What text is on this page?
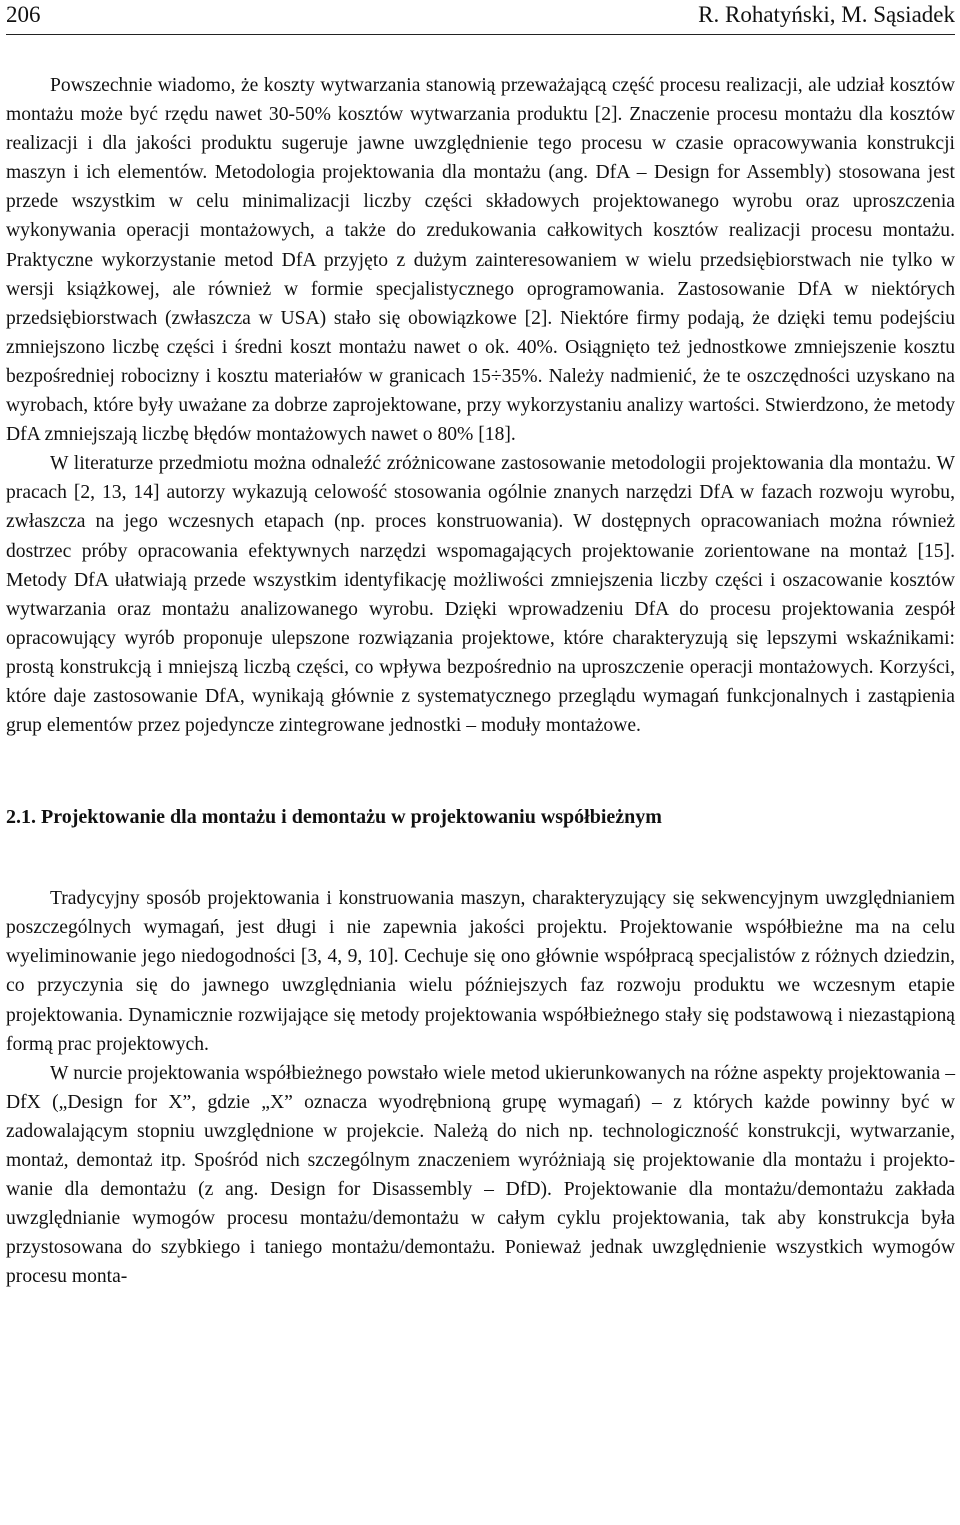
206	R. Rohatyński, M. Sąsiadek

Powszechnie wiadomo, że koszty wytwarzania stanowią przeważającą część procesu realizacji, ale udział kosztów montażu może być rzędu nawet 30-50% kosztów wytwarzania produktu [2]. Znaczenie procesu montażu dla kosztów realizacji i dla jakości produktu sugeruje jawne uwzględnienie tego procesu w czasie opracowywania konstrukcji maszyn i ich elementów. Metodologia projektowania dla montażu (ang. DfA – Design for Assembly) stosowana jest przede wszystkim w celu minimalizacji liczby części składowych projektowanego wyrobu oraz uproszczenia wykonywania operacji montażowych, a także do zredukowania całkowitych kosztów realizacji procesu montażu. Praktyczne wykorzystanie metod DfA przyjęto z dużym zainteresowaniem w wielu przedsiębiorstwach nie tylko w wersji książkowej, ale również w formie specjalistycznego oprogramowania. Zastosowanie DfA w niektórych przedsiębiorstwach (zwłaszcza w USA) stało się obowiązkowe [2]. Niektóre firmy podają, że dzięki temu podejściu zmniejszono liczbę części i średni koszt montażu nawet o ok. 40%. Osiągnięto też jednostkowe zmniejszenie kosztu bezpośredniej robocizny i kosztu materiałów w granicach 15÷35%. Należy nadmienić, że te oszczędności uzyskano na wyrobach, które były uważane za dobrze zaprojektowane, przy wykorzystaniu analizy wartości. Stwierdzono, że metody DfA zmniejszają liczbę błędów montażowych nawet o 80% [18].

W literaturze przedmiotu można odnaleźć zróżnicowane zastosowanie metodologii projektowania dla montażu. W pracach [2, 13, 14] autorzy wykazują celowość stosowania ogólnie znanych narzędzi DfA w fazach rozwoju wyrobu, zwłaszcza na jego wczesnych etapach (np. proces konstruowania). W dostępnych opracowaniach można również dostrzec próby opracowania efektywnych narzędzi wspomagających projektowanie zorientowane na montaż [15]. Metody DfA ułatwiają przede wszystkim identyfikację możliwości zmniejszenia liczby części i oszacowanie kosztów wytwarzania oraz montażu analizowanego wyrobu. Dzięki wprowadzeniu DfA do procesu projektowania zespół opracowujący wyrób proponuje ulepszone rozwiązania projektowe, które charakteryzują się lepszymi wskaźnikami: prostą konstrukcją i mniejszą liczbą części, co wpływa bezpośrednio na uproszczenie operacji montażowych. Korzyści, które daje zastosowanie DfA, wynikają głównie z systematycznego przeglądu wymagań funkcjonalnych i zastąpienia grup elementów przez pojedyncze zintegrowane jednostki – moduły montażowe.

2.1. Projektowanie dla montażu i demontażu w projektowaniu współbieżnym

Tradycyjny sposób projektowania i konstruowania maszyn, charakteryzujący się sekwencyjnym uwzględnianiem poszczególnych wymagań, jest długi i nie zapewnia jakości projektu. Projektowanie współbieżne ma na celu wyeliminowanie jego niedogodności [3, 4, 9, 10]. Cechuje się ono głównie współpracą specjalistów z różnych dziedzin, co przyczynia się do jawnego uwzględniania wielu późniejszych faz rozwoju produktu we wczesnym etapie projektowania. Dynamicznie rozwijające się metody projektowania współbieżnego stały się podstawową i niezastąpioną formą prac projektowych.

W nurcie projektowania współbieżnego powstało wiele metod ukierunkowanych na różne aspekty projektowania – DfX („Design for X”, gdzie „X” oznacza wyodrębnioną grupę wymagań) – z których każde powinny być w zadowalającym stopniu uwzględnione w projekcie. Należą do nich np. technologiczność konstrukcji, wytwarzanie, montaż, demontaż itp. Spośród nich szczególnym znaczeniem wyróżniają się projektowanie dla montażu i projektowanie dla demontażu (z ang. Design for Disassembly – DfD). Projektowanie dla montażu/demontażu zakłada uwzględnianie wymogów procesu montażu/demontażu w całym cyklu projektowania, tak aby konstrukcja była przystosowana do szybkiego i taniego montażu/demontażu. Ponieważ jednak uwzględnienie wszystkich wymogów procesu monta-
